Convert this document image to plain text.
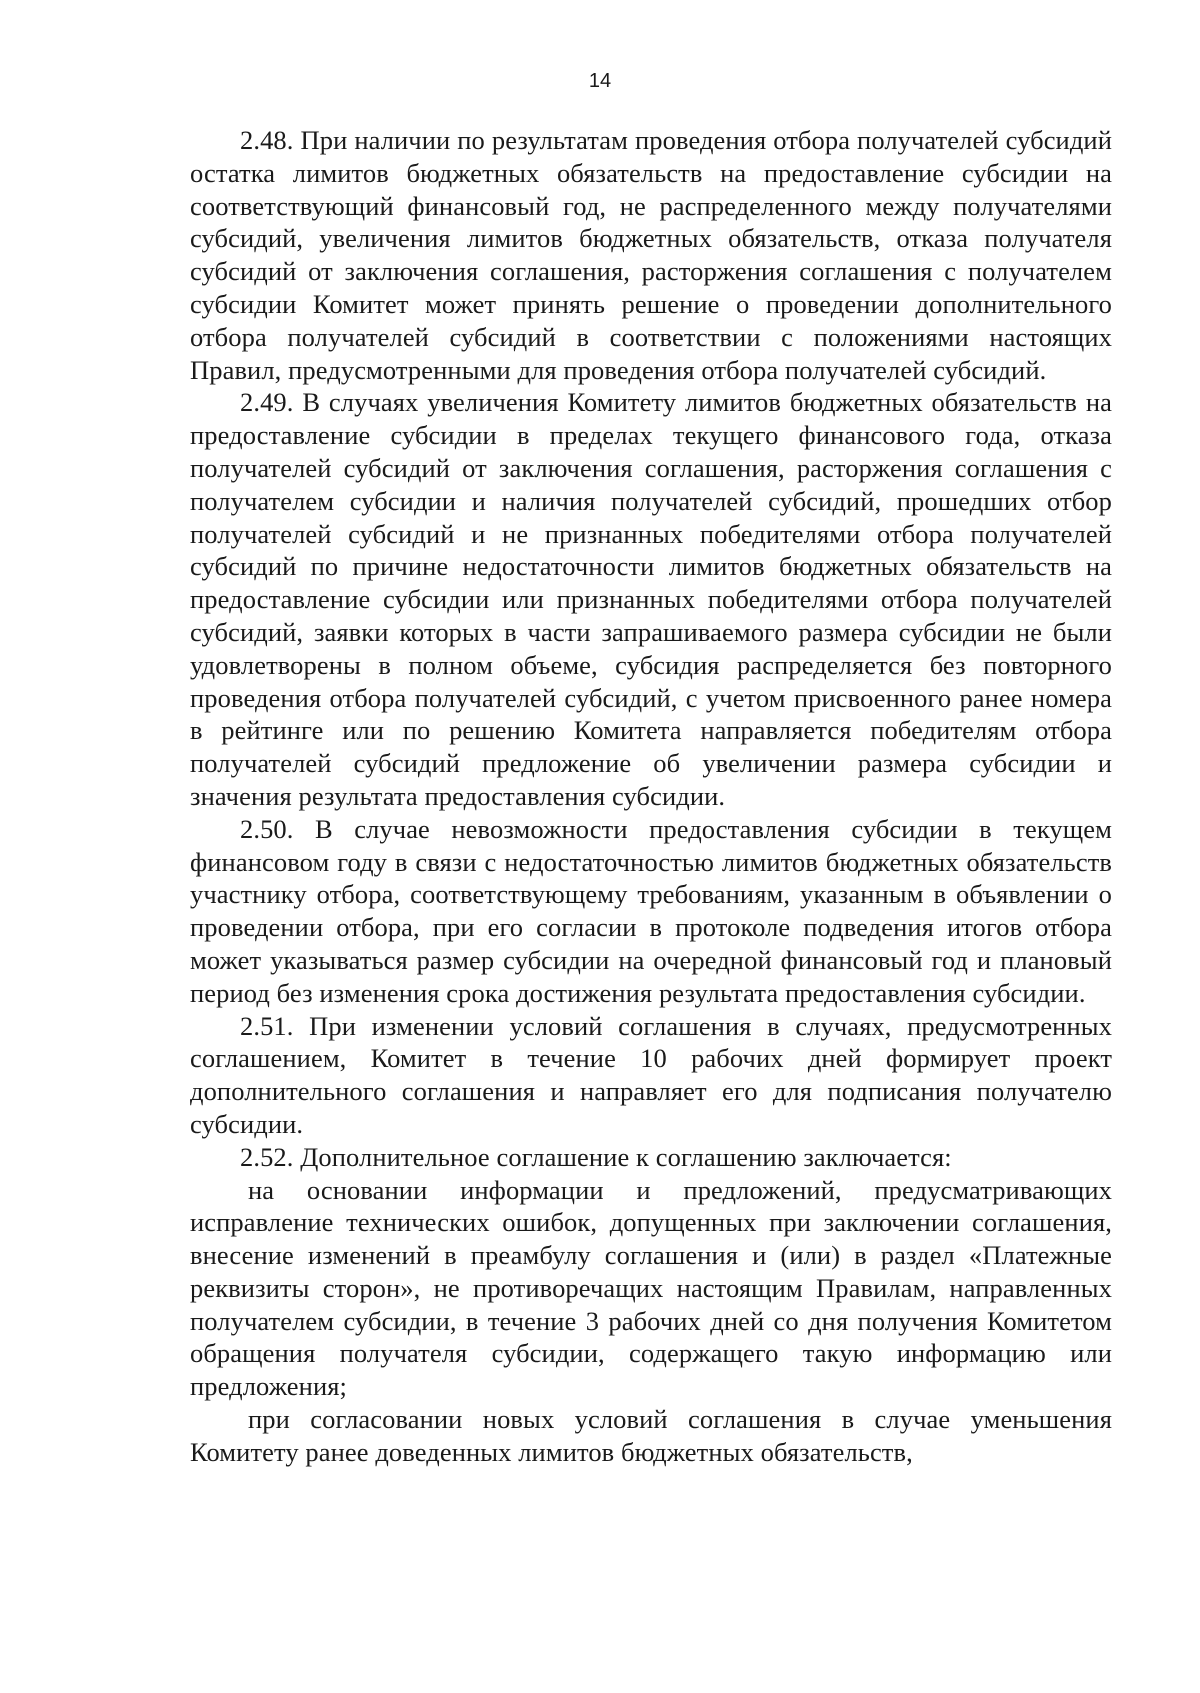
14

2.48. При наличии по результатам проведения отбора получателей субсидий остатка лимитов бюджетных обязательств на предоставление субсидии на соответствующий финансовый год, не распределенного между получателями субсидий, увеличения лимитов бюджетных обязательств, отказа получателя субсидий от заключения соглашения, расторжения соглашения с получателем субсидии Комитет может принять решение о проведении дополнительного отбора получателей субсидий в соответствии с положениями настоящих Правил, предусмотренными для проведения отбора получателей субсидий.

2.49. В случаях увеличения Комитету лимитов бюджетных обязательств на предоставление субсидии в пределах текущего финансового года, отказа получателей субсидий от заключения соглашения, расторжения соглашения с получателем субсидии и наличия получателей субсидий, прошедших отбор получателей субсидий и не признанных победителями отбора получателей субсидий по причине недостаточности лимитов бюджетных обязательств на предоставление субсидии или признанных победителями отбора получателей субсидий, заявки которых в части запрашиваемого размера субсидии не были удовлетворены в полном объеме, субсидия распределяется без повторного проведения отбора получателей субсидий, с учетом присвоенного ранее номера в рейтинге или по решению Комитета направляется победителям отбора получателей субсидий предложение об увеличении размера субсидии и значения результата предоставления субсидии.

2.50. В случае невозможности предоставления субсидии в текущем финансовом году в связи с недостаточностью лимитов бюджетных обязательств участнику отбора, соответствующему требованиям, указанным в объявлении о проведении отбора, при его согласии в протоколе подведения итогов отбора может указываться размер субсидии на очередной финансовый год и плановый период без изменения срока достижения результата предоставления субсидии.

2.51. При изменении условий соглашения в случаях, предусмотренных соглашением, Комитет в течение 10 рабочих дней формирует проект дополнительного соглашения и направляет его для подписания получателю субсидии.

2.52. Дополнительное соглашение к соглашению заключается:

на основании информации и предложений, предусматривающих исправление технических ошибок, допущенных при заключении соглашения, внесение изменений в преамбулу соглашения и (или) в раздел «Платежные реквизиты сторон», не противоречащих настоящим Правилам, направленных получателем субсидии, в течение 3 рабочих дней со дня получения Комитетом обращения получателя субсидии, содержащего такую информацию или предложения;

при согласовании новых условий соглашения в случае уменьшения Комитету ранее доведенных лимитов бюджетных обязательств,
